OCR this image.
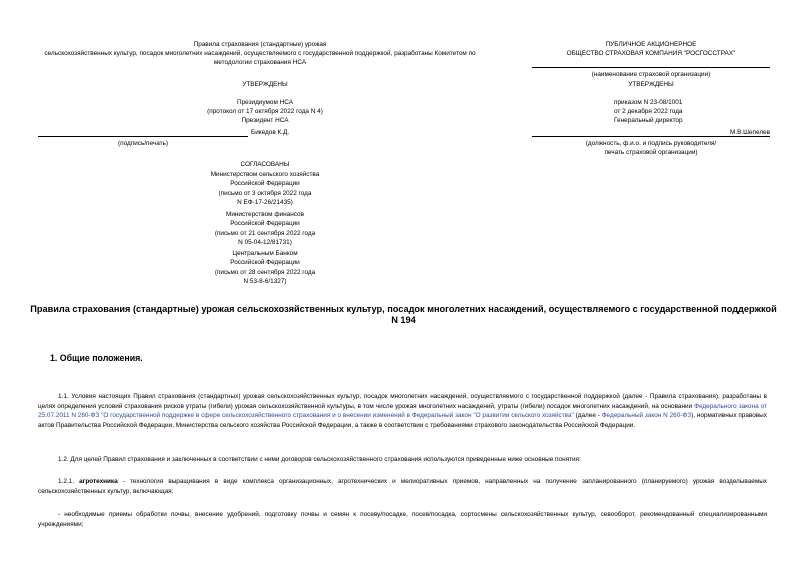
Правила страхования (стандартные) урожая
сельскохозяйственных культур, посадок многолетних насаждений, осуществляемого с государственной поддержкой, разработаны Комитетом по
методологии страхования НСА
ПУБЛИЧНОЕ АКЦИОНЕРНОЕ
ОБЩЕСТВО СТРАХОВАЯ КОМПАНИЯ "РОСГОССТРАХ"
(наименование страховой организации)
УТВЕРЖДЕНЫ	УТВЕРЖДЕНЫ
Президиумом НСА	приказом N 23-08/1001
(протокол от 17 октября 2022 года N 4)	от 2 декабря 2022 года
Президент НСА	Генеральный директор
Бикедов К.Д.	М.В.Шепелев
(подпись/печать)	(должность, ф.и.о. и подпись руководителя/
печать страховой организации)
СОГЛАСОВАНЫ
Министерством сельского хозяйства
Российской Федерации
(письмо от 3 октября 2022 года
N ЕФ-17-26/21435)
Министерством финансов
Российской Федерации
(письмо от 21 сентября 2022 года
N 05-04-12/81731)
Центральным Банком
Российской Федерации
(письмо от 28 сентября 2022 года
N 53-8-6/1327)
Правила страхования (стандартные) урожая сельскохозяйственных культур, посадок многолетних насаждений, осуществляемого с государственной поддержкой
N 194
1. Общие положения.
1.1. Условия настоящих Правил страхования (стандартных) урожая сельскохозяйственных культур, посадок многолетних насаждений, осуществляемого с государственной поддержкой (далее - Правила страхования), разработаны в целях определения условий страхования рисков утраты (гибели) урожая сельскохозяйственной культуры, в том числе урожая многолетних насаждений, утраты (гибели) посадок многолетних насаждений, на основании Федерального закона от 25.07.2011 N 260-ФЗ "О государственной поддержке в сфере сельскохозяйственного страхования и о внесении изменений в Федеральный закон "О развитии сельского хозяйства" (далее - Федеральный закон N 260-ФЗ), нормативных правовых актов Правительства Российской Федерации, Министерства сельского хозяйства Российской Федерации, а также в соответствии с требованиями страхового законодательства Российской Федерации.
1.2. Для целей Правил страхования и заключенных в соответствии с ними договоров сельскохозяйственного страхования используются приведенные ниже основные понятия:
1.2.1. агротехника - технология выращивания в виде комплекса организационных, агротехнических и мелиоративных приемов, направленных на получение запланированного (планируемого) урожая возделываемых сельскохозяйственных культур, включающая:
- необходимые приемы обработки почвы, внесение удобрений, подготовку почвы и семян к посеву/посадке, посев/посадка, сортосмены сельскохозяйственных культур, севооборот, рекомендованный специализированными учреждениями;
